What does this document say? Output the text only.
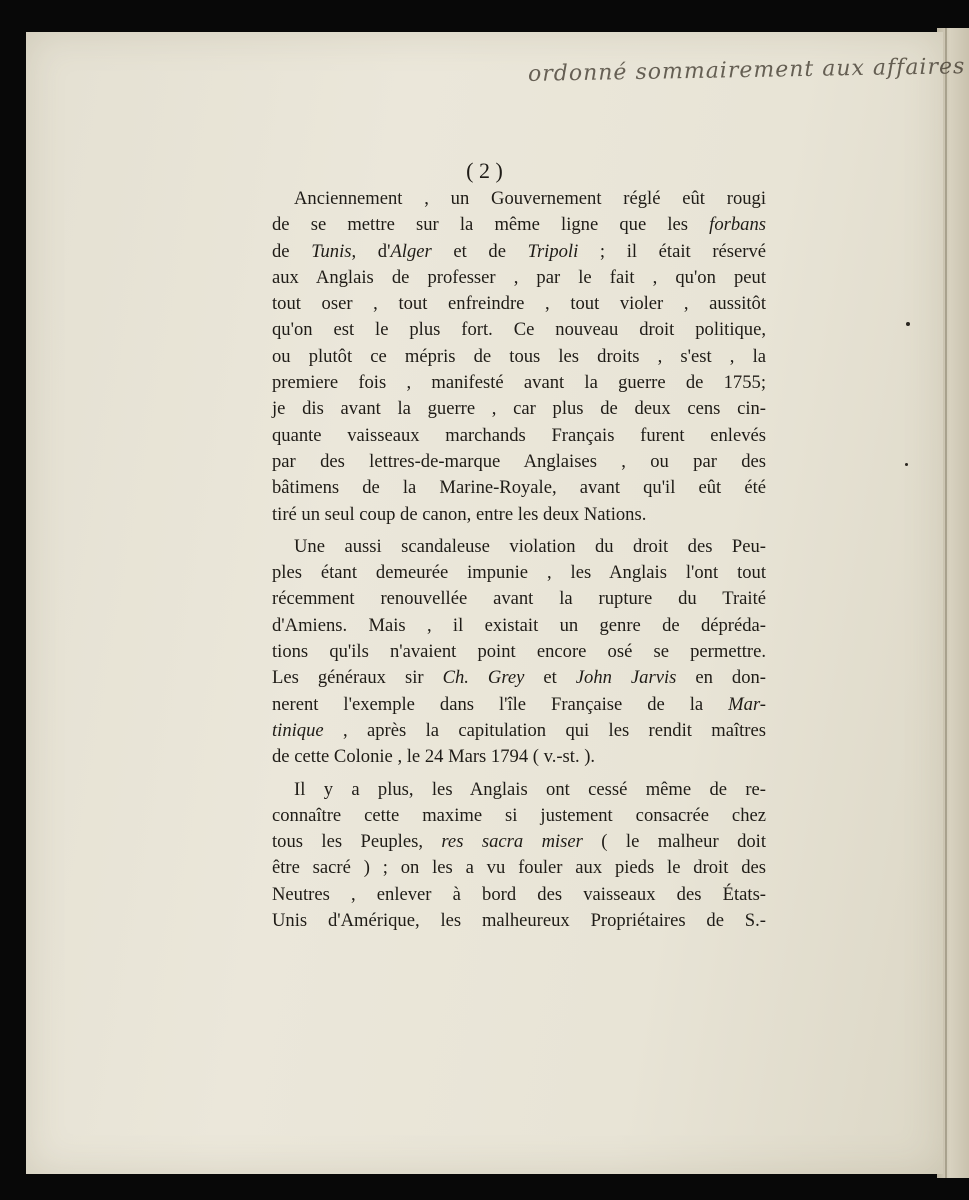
ordonné sommairement aux affaires
( 2 )
Anciennement , un Gouvernement réglé eût rougi
de se mettre sur la même ligne que les forbans
de Tunis, d'Alger et de Tripoli ; il était réservé
aux Anglais de professer , par le fait , qu'on peut
tout oser , tout enfreindre , tout violer , aussitôt
qu'on est le plus fort. Ce nouveau droit politique,
ou plutôt ce mépris de tous les droits , s'est , la
premiere fois , manifesté avant la guerre de 1755;
je dis avant la guerre , car plus de deux cens cin-
quante vaisseaux marchands Français furent enlevés
par des lettres-de-marque Anglaises , ou par des
bâtimens de la Marine-Royale, avant qu'il eût été
tiré un seul coup de canon, entre les deux Nations.
Une aussi scandaleuse violation du droit des Peu-
ples étant demeurée impunie , les Anglais l'ont tout
récemment renouvellée avant la rupture du Traité
d'Amiens. Mais , il existait un genre de dépréda-
tions qu'ils n'avaient point encore osé se permettre.
Les généraux sir Ch. Grey et John Jarvis en don-
nerent l'exemple dans l'île Française de la Mar-
tinique , après la capitulation qui les rendit maîtres
de cette Colonie , le 24 Mars 1794 ( v.-st. ).
Il y a plus, les Anglais ont cessé même de re-
connaître cette maxime si justement consacrée chez
tous les Peuples, res sacra miser ( le malheur doit
être sacré ) ; on les a vu fouler aux pieds le droit des
Neutres , enlever à bord des vaisseaux des États-
Unis d'Amérique, les malheureux Propriétaires de S.-
